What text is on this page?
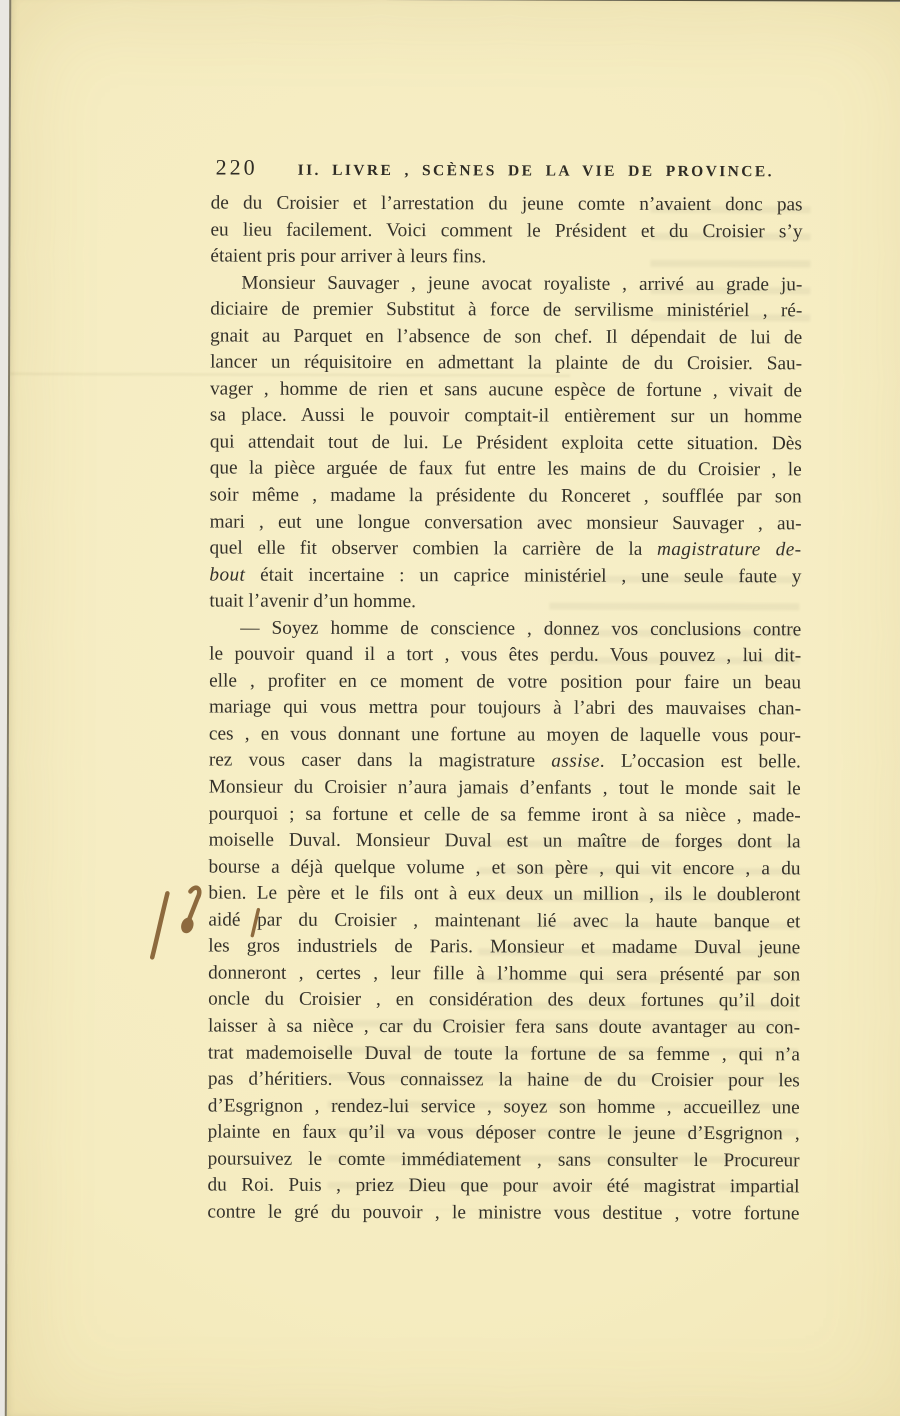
220	II. LIVRE , SCÈNES DE LA VIE DE PROVINCE.
de du Croisier et l’arrestation du jeune comte n’avaient donc pas
eu lieu facilement. Voici comment le Président et du Croisier s’y
étaient pris pour arriver à leurs fins.
Monsieur Sauvager , jeune avocat royaliste , arrivé au grade ju-
diciaire de premier Substitut à force de servilisme ministériel , ré-
gnait au Parquet en l’absence de son chef. Il dépendait de lui de
lancer un réquisitoire en admettant la plainte de du Croisier. Sau-
vager , homme de rien et sans aucune espèce de fortune , vivait de
sa place. Aussi le pouvoir comptait-il entièrement sur un homme
qui attendait tout de lui. Le Président exploita cette situation. Dès
que la pièce arguée de faux fut entre les mains de du Croisier , le
soir même , madame la présidente du Ronceret , soufflée par son
mari , eut une longue conversation avec monsieur Sauvager , au-
quel elle fit observer combien la carrière de la magistrature de-
bout était incertaine : un caprice ministériel , une seule faute y
tuait l’avenir d’un homme.
— Soyez homme de conscience , donnez vos conclusions contre
le pouvoir quand il a tort , vous êtes perdu. Vous pouvez , lui dit-
elle , profiter en ce moment de votre position pour faire un beau
mariage qui vous mettra pour toujours à l’abri des mauvaises chan-
ces , en vous donnant une fortune au moyen de laquelle vous pour-
rez vous caser dans la magistrature assise. L’occasion est belle.
Monsieur du Croisier n’aura jamais d’enfants , tout le monde sait le
pourquoi ; sa fortune et celle de sa femme iront à sa nièce , made-
moiselle Duval. Monsieur Duval est un maître de forges dont la
bourse a déjà quelque volume , et son père , qui vit encore , a du
bien. Le père et le fils ont à eux deux un million , ils le doubleront
aidé par du Croisier , maintenant lié avec la haute banque et
les gros industriels de Paris. Monsieur et madame Duval jeune
donneront , certes , leur fille à l’homme qui sera présenté par son
oncle du Croisier , en considération des deux fortunes qu’il doit
laisser à sa nièce , car du Croisier fera sans doute avantager au con-
trat mademoiselle Duval de toute la fortune de sa femme , qui n’a
pas d’héritiers. Vous connaissez la haine de du Croisier pour les
d’Esgrignon , rendez-lui service , soyez son homme , accueillez une
plainte en faux qu’il va vous déposer contre le jeune d’Esgrignon ,
poursuivez le comte immédiatement , sans consulter le Procureur
du Roi. Puis , priez Dieu que pour avoir été magistrat impartial
contre le gré du pouvoir , le ministre vous destitue , votre fortune
